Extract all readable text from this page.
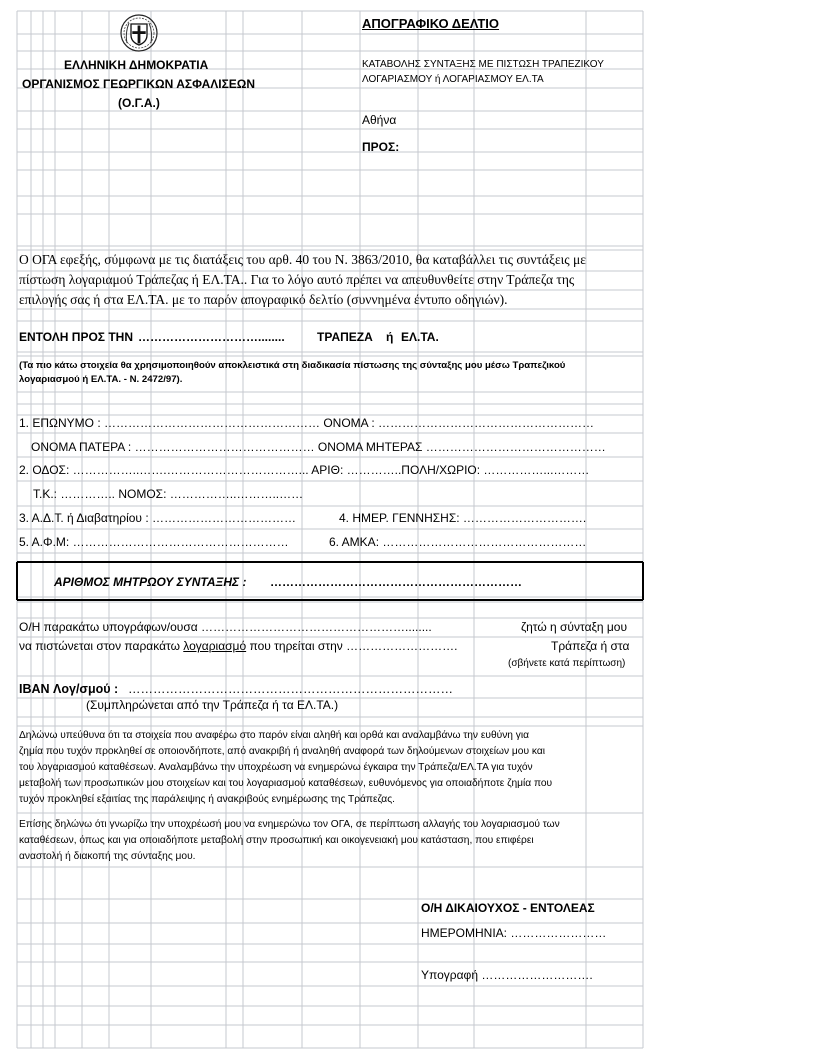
ΕΛΛΗΝΙΚΗ ΔΗΜΟΚΡΑΤΙΑ
ΟΡΓΑΝΙΣΜΟΣ ΓΕΩΡΓΙΚΩΝ ΑΣΦΑΛΙΣΕΩΝ
(Ο.Γ.Α.)
ΑΠΟΓΡΑΦΙΚΟ ΔΕΛΤΙΟ
ΚΑΤΑΒΟΛΗΣ ΣΥΝΤΑΞΗΣ ΜΕ ΠΙΣΤΩΣΗ ΤΡΑΠΕΖΙΚΟΥ
ΛΟΓΑΡΙΑΣΜΟΥ ή ΛΟΓΑΡΙΑΣΜΟΥ ΕΛ.ΤΑ
Αθήνα
ΠΡΟΣ:
Ο ΟΓΑ εφεξής, σύμφωνα με τις διατάξεις του αρθ. 40 του Ν. 3863/2010, θα καταβάλλει τις συντάξεις με
πίστωση λογαριαμού Τράπεζας ή ΕΛ.ΤΑ.. Για το λόγο αυτό πρέπει να απευθυνθείτε στην Τράπεζα της
επιλογής σας ή στα ΕΛ.ΤΑ. με το παρόν απογραφικό δελτίο (συννημένα έντυπο οδηγιών).
ΕΝΤΟΛΗ ΠΡΟΣ ΤΗΝ …………………………........	ΤΡΑΠΕΖΑ ή ΕΛ.ΤΑ.
(Τα πιο κάτω στοιχεία θα χρησιμοποιηθούν αποκλειστικά στη διαδικασία πίστωσης της σύνταξης μου μέσω Τραπεζικού
λογαριασμού ή ΕΛ.ΤΑ. - Ν. 2472/97).
1. ΕΠΩΝΥΜΟ : ……………………………………………… ΟΝΟΜΑ : ………………………………………………
ΟΝΟΜΑ ΠΑΤΕΡΑ : ……………………………………… ΟΝΟΜΑ ΜΗΤΕΡΑΣ ………………………………………
2. ΟΔΟΣ: ……………..…….……………………………... ΑΡΙΘ: …………..ΠΟΛΗ/ΧΩΡΙΟ: ……………...………
Τ.Κ.: ………….. ΝΟΜΟΣ: ……………..………..……
3. Α.Δ.Τ. ή Διαβατηρίου : ………………………………	4. ΗΜΕΡ. ΓΕΝΝΗΣΗΣ: ………………………….
5. Α.Φ.Μ: ………………………………………………	6. ΑΜΚΑ: ……………………………………………
ΑΡΙΘΜΟΣ ΜΗΤΡΩΟΥ ΣΥΝΤΑΞΗΣ : ………………………………………………………
Ο/Η παρακάτω υπογράφων/ουσα ……………………………………………........	ζητώ η σύνταξη μου
να πιστώνεται στον παρακάτω λογαριασμό που τηρείται στην ……………………….	Τράπεζα ή στα
(σβήνετε κατά περίπτωση)
IBAN Λογ/σμού : ……………………………………………………………………
(Συμπληρώνεται από την Τράπεζα ή τα ΕΛ.ΤΑ.)
Δηλώνω υπεύθυνα ότι τα στοιχεία που αναφέρω στο παρόν είναι αληθή και ορθά και αναλαμβάνω την ευθύνη για
ζημία που τυχόν προκληθεί σε οποιονδήποτε, από ανακριβή ή αναληθή αναφορά των δηλούμενων στοιχείων μου και
του λογαριασμού καταθέσεων. Αναλαμβάνω την υποχρέωση να ενημερώνω έγκαιρα την Τράπεζα/ΕΛ.ΤΑ για τυχόν
μεταβολή των προσωπικών μου στοιχείων και του λογαριασμού καταθέσεων, ευθυνόμενος για οποιαδήποτε ζημία που
τυχόν προκληθεί εξαιτίας της παράλειψης ή ανακριβούς ενημέρωσης της Τράπεζας.
Επίσης δηλώνω ότι γνωρίζω την υποχρέωσή μου να ενημερώνω τον ΟΓΑ, σε περίπτωση αλλαγής του λογαριασμού των
καταθέσεων, όπως και για οποιαδήποτε μεταβολή στην προσωπική και οικογενειακή μου κατάσταση, που επιφέρει
αναστολή ή διακοπή της σύνταξης μου.
Ο/Η ΔΙΚΑΙΟΥΧΟΣ - ΕΝΤΟΛΕΑΣ
ΗΜΕΡΟΜΗΝΙΑ: ……………………
Υπογραφή ……………………….
